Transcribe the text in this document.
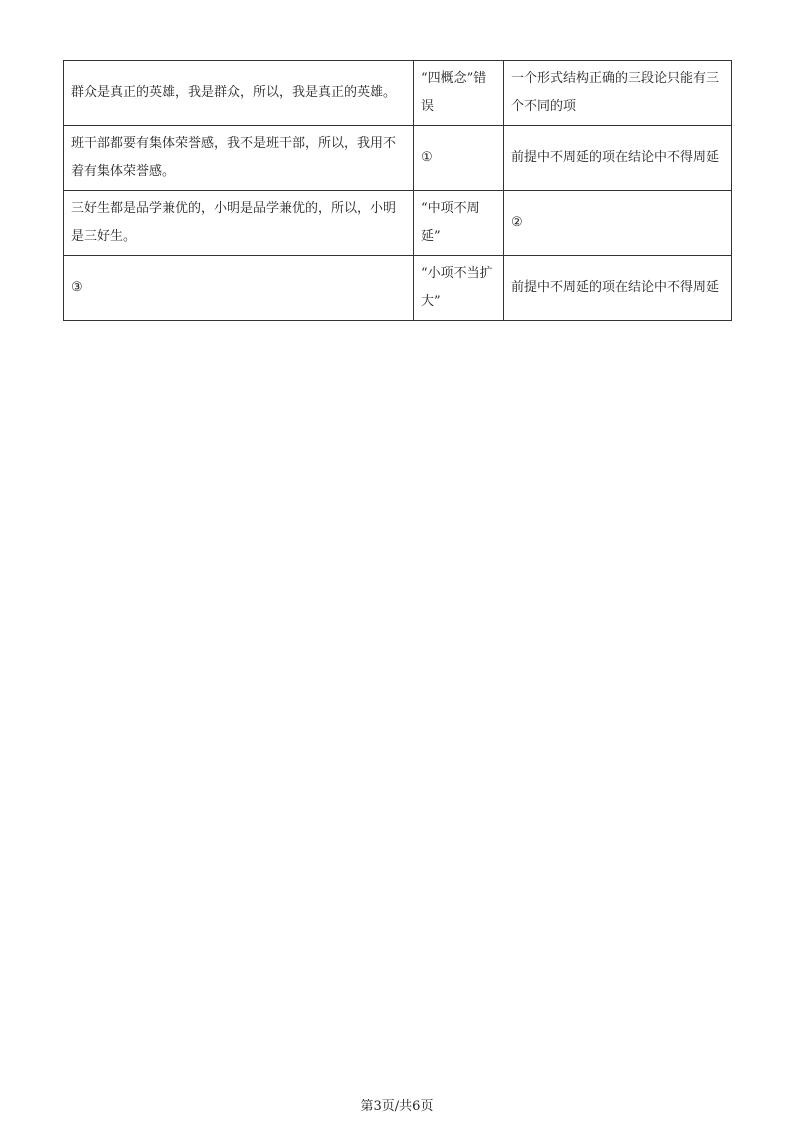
群众是真正的英雄，我是群众，所以，我是真正的英雄。	“四概念”错误	一个形式结构正确的三段论只能有三个不同的项
班干部都要有集体荣誉感，我不是班干部，所以，我用不着有集体荣誉感。	①	前提中不周延的项在结论中不得周延
三好生都是品学兼优的，小明是品学兼优的，所以，小明是三好生。	“中项不周延”	②
③	“小项不当扩大”	前提中不周延的项在结论中不得周延
第3页/共6页
